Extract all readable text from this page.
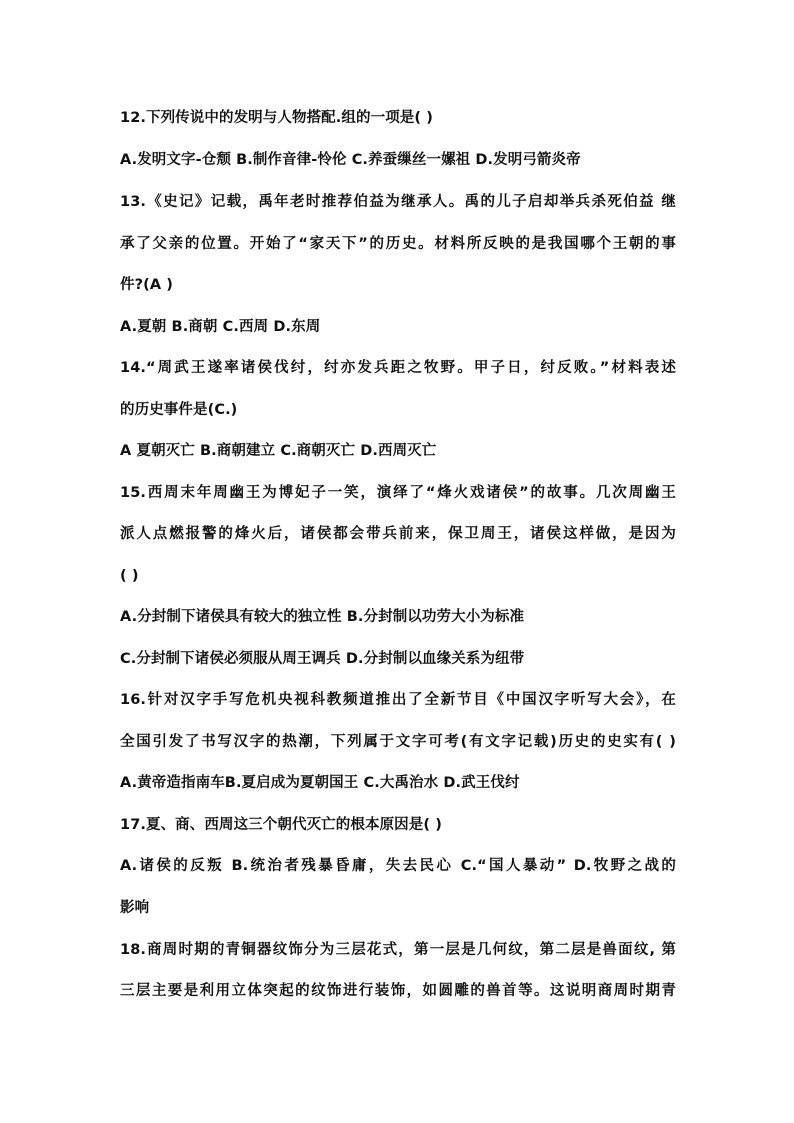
12.下列传说中的发明与人物搭配.组的一项是( )
A.发明文字-仓颓 B.制作音律-怜伦 C.养蚕缫丝一嫘祖 D.发明弓箭炎帝
13.《史记》记载，禹年老时推荐伯益为继承人。禹的儿子启却举兵杀死伯益 继
承了父亲的位置。开始了“家天下”的历史。材料所反映的是我国哪个王朝的事
件?(A )
A.夏朝 B.商朝 C.西周 D.东周
14.“周武王遂率诸侯伐纣，纣亦发兵距之牧野。甲子日，纣反败。”材料表述
的历史事件是(C.)
A 夏朝灭亡 B.商朝建立 C.商朝灭亡 D.西周灭亡
15.西周末年周幽王为博妃子一笑，演绎了“烽火戏诸侯”的故事。几次周幽王
派人点燃报警的烽火后，诸侯都会带兵前来，保卫周王，诸侯这样做，是因为
( )
A.分封制下诸侯具有较大的独立性 B.分封制以功劳大小为标准
C.分封制下诸侯必须服从周王调兵 D.分封制以血缘关系为纽带
16.针对汉字手写危机央视科教频道推出了全新节目《中国汉字听写大会》，在
全国引发了书写汉字的热潮，下列属于文字可考(有文字记载)历史的史实有( )
A.黄帝造指南车B.夏启成为夏朝国王 C.大禹治水 D.武王伐纣
17.夏、商、西周这三个朝代灭亡的根本原因是( )
A.诸侯的反叛 B.统治者残暴昏庸，失去民心 C.“国人暴动” D.牧野之战的
影响
18.商周时期的青铜器纹饰分为三层花式，第一层是几何纹，第二层是兽面纹, 第
三层主要是利用立体突起的纹饰进行装饰，如圆雕的兽首等。这说明商周时期青
